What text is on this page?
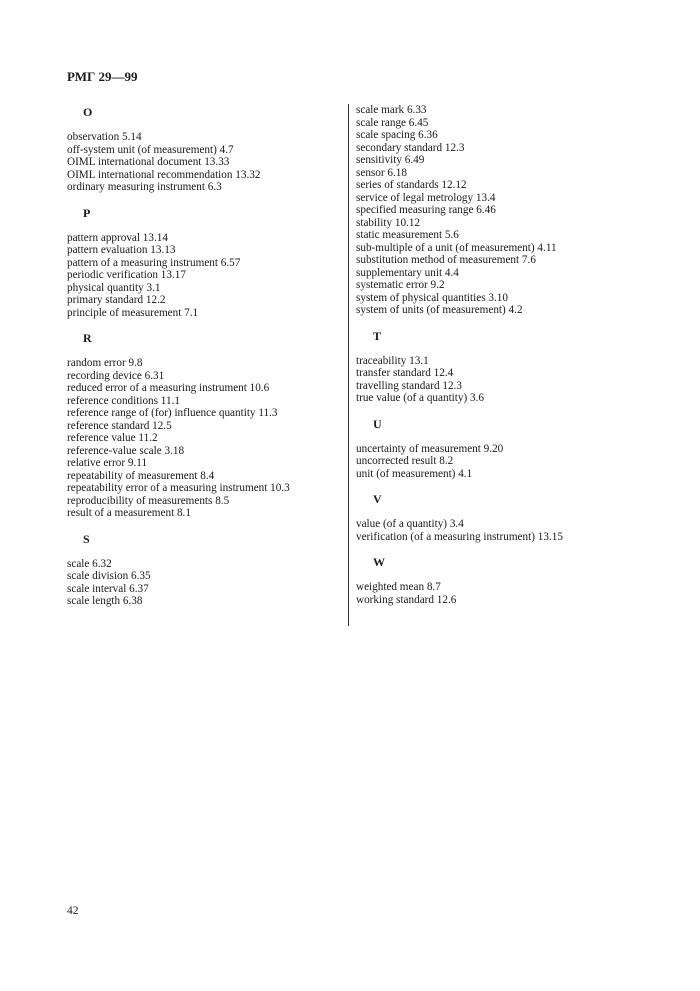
РМГ 29—99
O
observation 5.14
off-system unit (of measurement) 4.7
OIML international document 13.33
OIML international recommendation 13.32
ordinary measuring instrument 6.3
P
pattern approval 13.14
pattern evaluation 13.13
pattern of a measuring instrument 6.57
periodic verification 13.17
physical quantity 3.1
primary standard 12.2
principle of measurement 7.1
R
random error 9.8
recording device 6.31
reduced error of a measuring instrument 10.6
reference conditions 11.1
reference range of (for) influence quantity 11.3
reference standard 12.5
reference value 11.2
reference-value scale 3.18
relative error 9.11
repeatability of measurement 8.4
repeatability error of a measuring instrument 10.3
reproducibility of measurements 8.5
result of a measurement 8.1
S
scale 6.32
scale division 6.35
scale interval 6.37
scale length 6.38
scale mark 6.33
scale range 6.45
scale spacing 6.36
secondary standard 12.3
sensitivity 6.49
sensor 6.18
series of standards 12.12
service of legal metrology 13.4
specified measuring range 6.46
stability 10.12
static measurement 5.6
sub-multiple of a unit (of measurement) 4.11
substitution method of measurement 7.6
supplementary unit 4.4
systematic error 9.2
system of physical quantities 3.10
system of units (of measurement) 4.2
T
traceability 13.1
transfer standard 12.4
travelling standard 12.3
true value (of a quantity) 3.6
U
uncertainty of measurement 9.20
uncorrected result 8.2
unit (of measurement) 4.1
V
value (of a quantity) 3.4
verification (of a measuring instrument) 13.15
W
weighted mean 8.7
working standard 12.6
42
